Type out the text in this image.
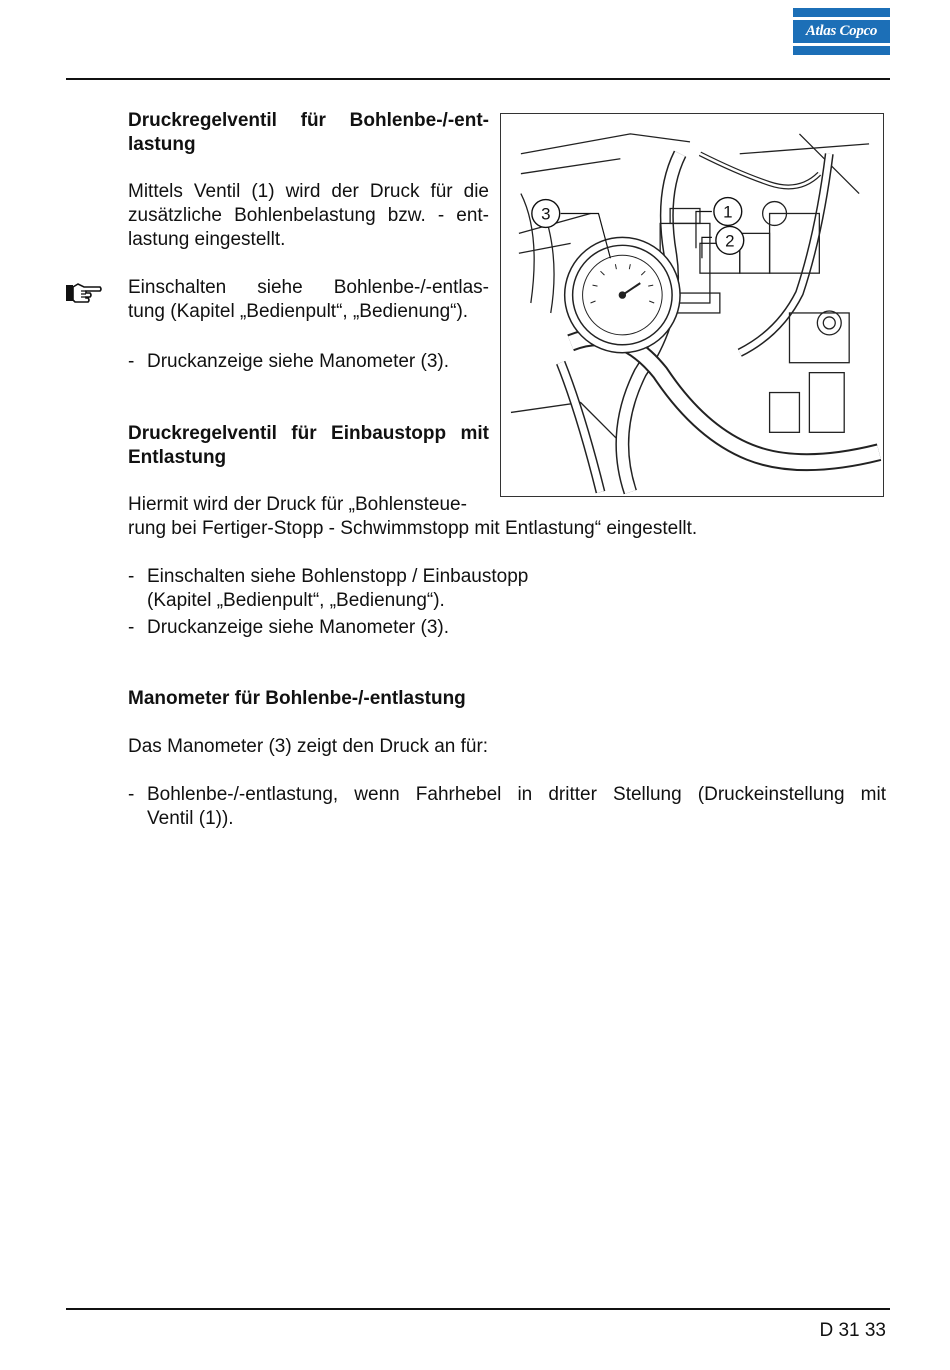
Atlas Copco
Druckregelventil für Bohlenbe-/-ent-
lastung
Mittels Ventil (1) wird der Druck für die
zusätzliche Bohlenbelastung bzw. - ent-
lastung eingestellt.
Einschalten siehe Bohlenbe-/-entlas-
tung (Kapitel „Bedienpult“, „Bedienung“).
- Druckanzeige siehe Manometer (3).
3	1
2
Druckregelventil für Einbaustopp mit
Entlastung
Hiermit wird der Druck für „Bohlensteue-
rung bei Fertiger-Stopp - Schwimmstopp mit Entlastung“ eingestellt.
- Einschalten siehe Bohlenstopp / Einbaustopp
(Kapitel „Bedienpult“, „Bedienung“).
- Druckanzeige siehe Manometer (3).
Manometer für Bohlenbe-/-entlastung
Das Manometer (3) zeigt den Druck an für:
- Bohlenbe-/-entlastung, wenn Fahrhebel in dritter Stellung (Druckeinstellung mit
Ventil (1)).
D 31 33
